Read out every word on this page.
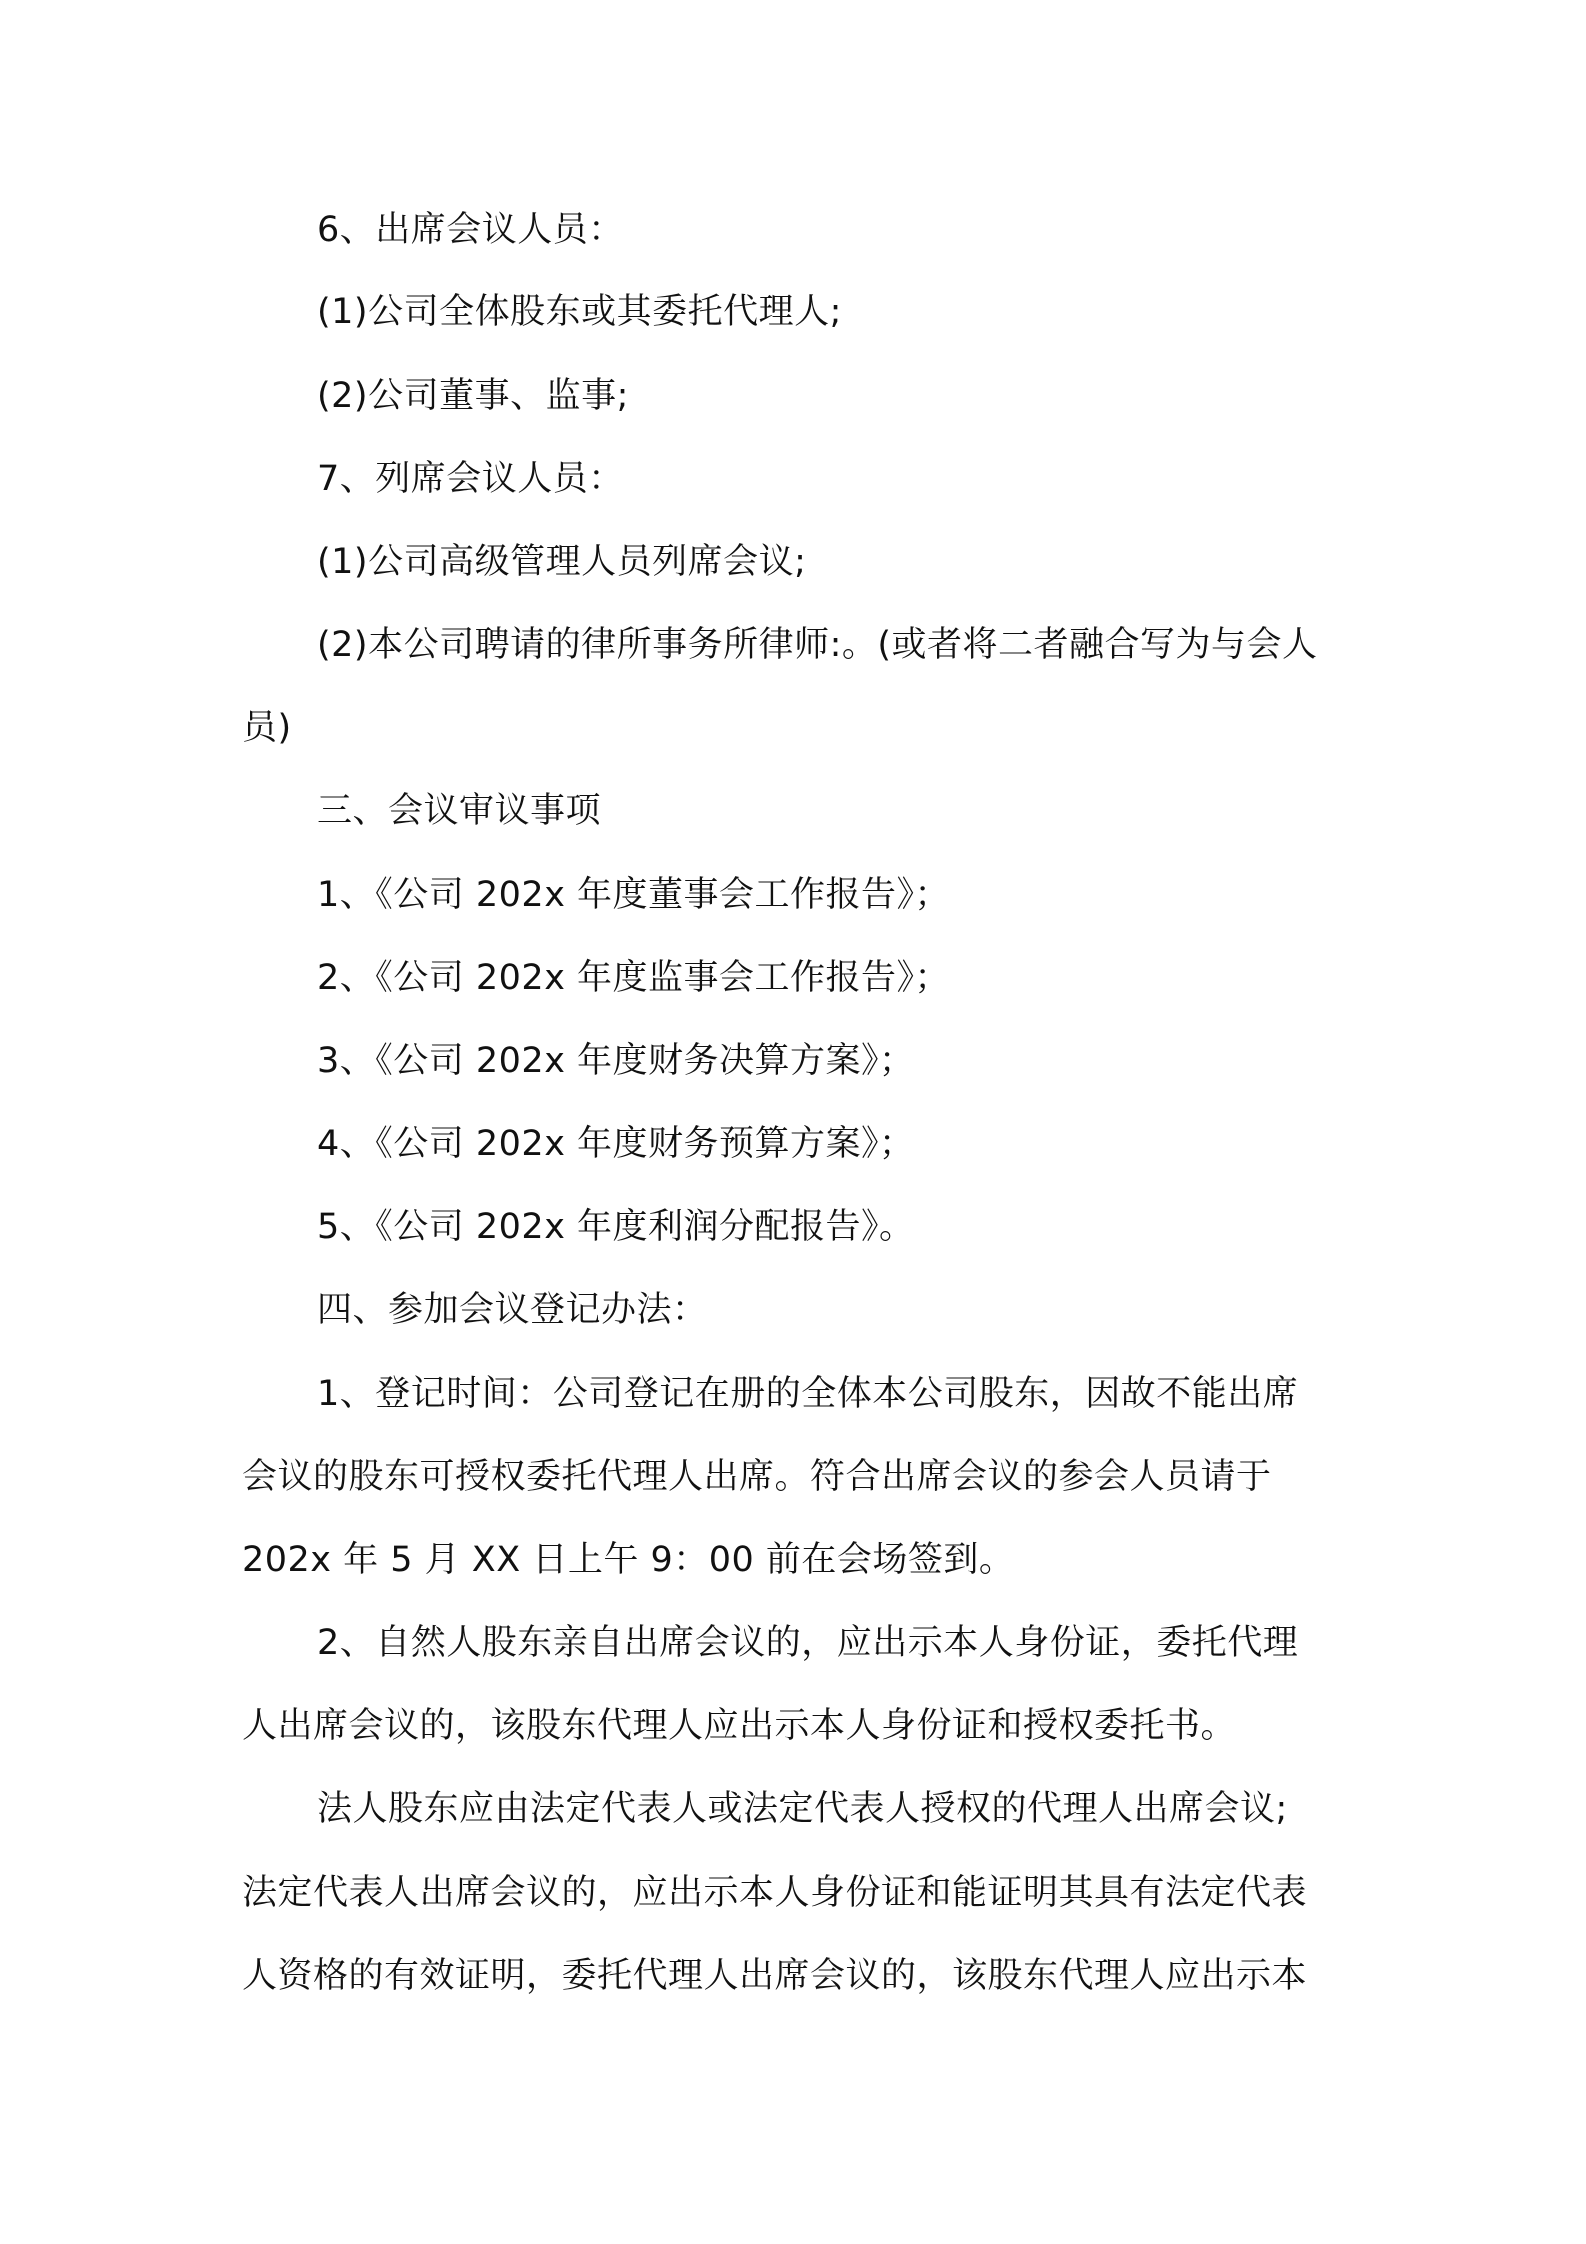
6、出席会议人员：
(1)公司全体股东或其委托代理人;
(2)公司董事、监事;
7、列席会议人员：
(1)公司高级管理人员列席会议;
(2)本公司聘请的律所事务所律师:。(或者将二者融合写为与会人
员)
三、会议审议事项
1、《公司 202x 年度董事会工作报告》；
2、《公司 202x 年度监事会工作报告》；
3、《公司 202x 年度财务决算方案》；
4、《公司 202x 年度财务预算方案》；
5、《公司 202x 年度利润分配报告》。
四、参加会议登记办法：
1、登记时间：公司登记在册的全体本公司股东，因故不能出席
会议的股东可授权委托代理人出席。符合出席会议的参会人员请于
202x 年 5 月 XX 日上午 9：00 前在会场签到。
2、自然人股东亲自出席会议的，应出示本人身份证，委托代理
人出席会议的，该股东代理人应出示本人身份证和授权委托书。
法人股东应由法定代表人或法定代表人授权的代理人出席会议;
法定代表人出席会议的，应出示本人身份证和能证明其具有法定代表
人资格的有效证明，委托代理人出席会议的，该股东代理人应出示本
